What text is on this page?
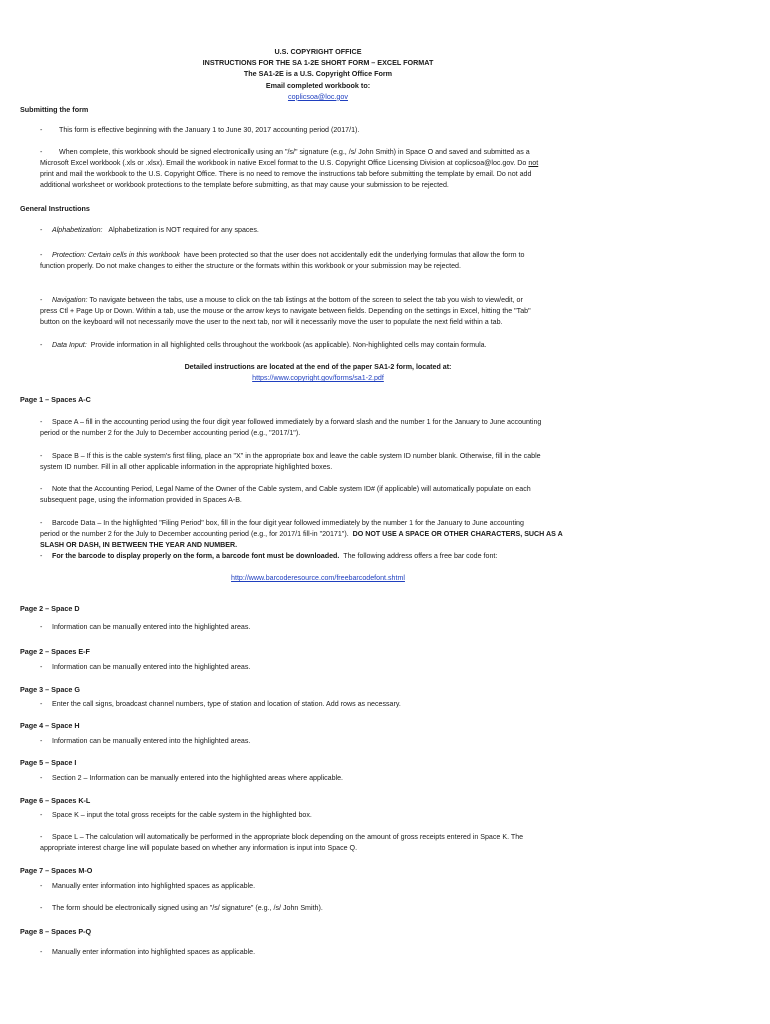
U.S. COPYRIGHT OFFICE
INSTRUCTIONS FOR THE SA 1-2E SHORT FORM – EXCEL FORMAT
The SA1-2E is a U.S. Copyright Office Form
Email completed workbook to:
coplicsoa@loc.gov
Submitting the form
- This form is effective beginning with the January 1 to June 30, 2017 accounting period (2017/1).
- When complete, this workbook should be signed electronically using an "/s/" signature (e.g., /s/ John Smith) in Space O and saved and submitted as a
Microsoft Excel workbook (.xls or .xlsx). Email the workbook in native Excel format to the U.S. Copyright Office Licensing Division at coplicsoa@loc.gov. Do not
print and mail the workbook to the U.S. Copyright Office. There is no need to remove the instructions tab before submitting the template by email. Do not add
additional worksheet or workbook protections to the template before submitting, as that may cause your submission to be rejected.
General Instructions
- Alphabetization: Alphabetization is NOT required for any spaces.
- Protection: Certain cells in this workbook have been protected so that the user does not accidentally edit the underlying formulas that allow the form to
function properly. Do not make changes to either the structure or the formats within this workbook or your submission may be rejected.
- Navigation: To navigate between the tabs, use a mouse to click on the tab listings at the bottom of the screen to select the tab you wish to view/edit, or
press Ctl + Page Up or Down. Within a tab, use the mouse or the arrow keys to navigate between fields. Depending on the settings in Excel, hitting the "Tab"
button on the keyboard will not necessarily move the user to the next tab, nor will it necessarily move the user to populate the next field within a tab.
- Data Input: Provide information in all highlighted cells throughout the workbook (as applicable). Non-highlighted cells may contain formula.
Detailed instructions are located at the end of the paper SA1-2 form, located at:
https://www.copyright.gov/forms/sa1-2.pdf
Page 1 – Spaces A-C
- Space A – fill in the accounting period using the four digit year followed immediately by a forward slash and the number 1 for the January to June accounting
period or the number 2 for the July to December accounting period (e.g., "2017/1").
- Space B – If this is the cable system's first filing, place an "X" in the appropriate box and leave the cable system ID number blank. Otherwise, fill in the cable
system ID number. Fill in all other applicable information in the appropriate highlighted boxes.
- Note that the Accounting Period, Legal Name of the Owner of the Cable system, and Cable system ID# (if applicable) will automatically populate on each
subsequent page, using the information provided in Spaces A-B.
- Barcode Data – In the highlighted "Filing Period" box, fill in the four digit year followed immediately by the number 1 for the January to June accounting
period or the number 2 for the July to December accounting period (e.g., for 2017/1 fill-in "20171"). DO NOT USE A SPACE OR OTHER CHARACTERS, SUCH AS A
SLASH OR DASH, IN BETWEEN THE YEAR AND NUMBER.
- For the barcode to display properly on the form, a barcode font must be downloaded. The following address offers a free bar code font:
http://www.barcoderesource.com/freebarcodefont.shtml
Page 2 – Space D
- Information can be manually entered into the highlighted areas.
Page 2 – Spaces E-F
- Information can be manually entered into the highlighted areas.
Page 3 – Space G
- Enter the call signs, broadcast channel numbers, type of station and location of station. Add rows as necessary.
Page 4 – Space H
- Information can be manually entered into the highlighted areas.
Page 5 – Space I
- Section 2 – Information can be manually entered into the highlighted areas where applicable.
Page 6 – Spaces K-L
- Space K – input the total gross receipts for the cable system in the highlighted box.
- Space L – The calculation will automatically be performed in the appropriate block depending on the amount of gross receipts entered in Space K. The
appropriate interest charge line will populate based on whether any information is input into Space Q.
Page 7 – Spaces M-O
- Manually enter information into highlighted spaces as applicable.
- The form should be electronically signed using an "/s/ signature" (e.g., /s/ John Smith).
Page 8 – Spaces P-Q
- Manually enter information into highlighted spaces as applicable.
